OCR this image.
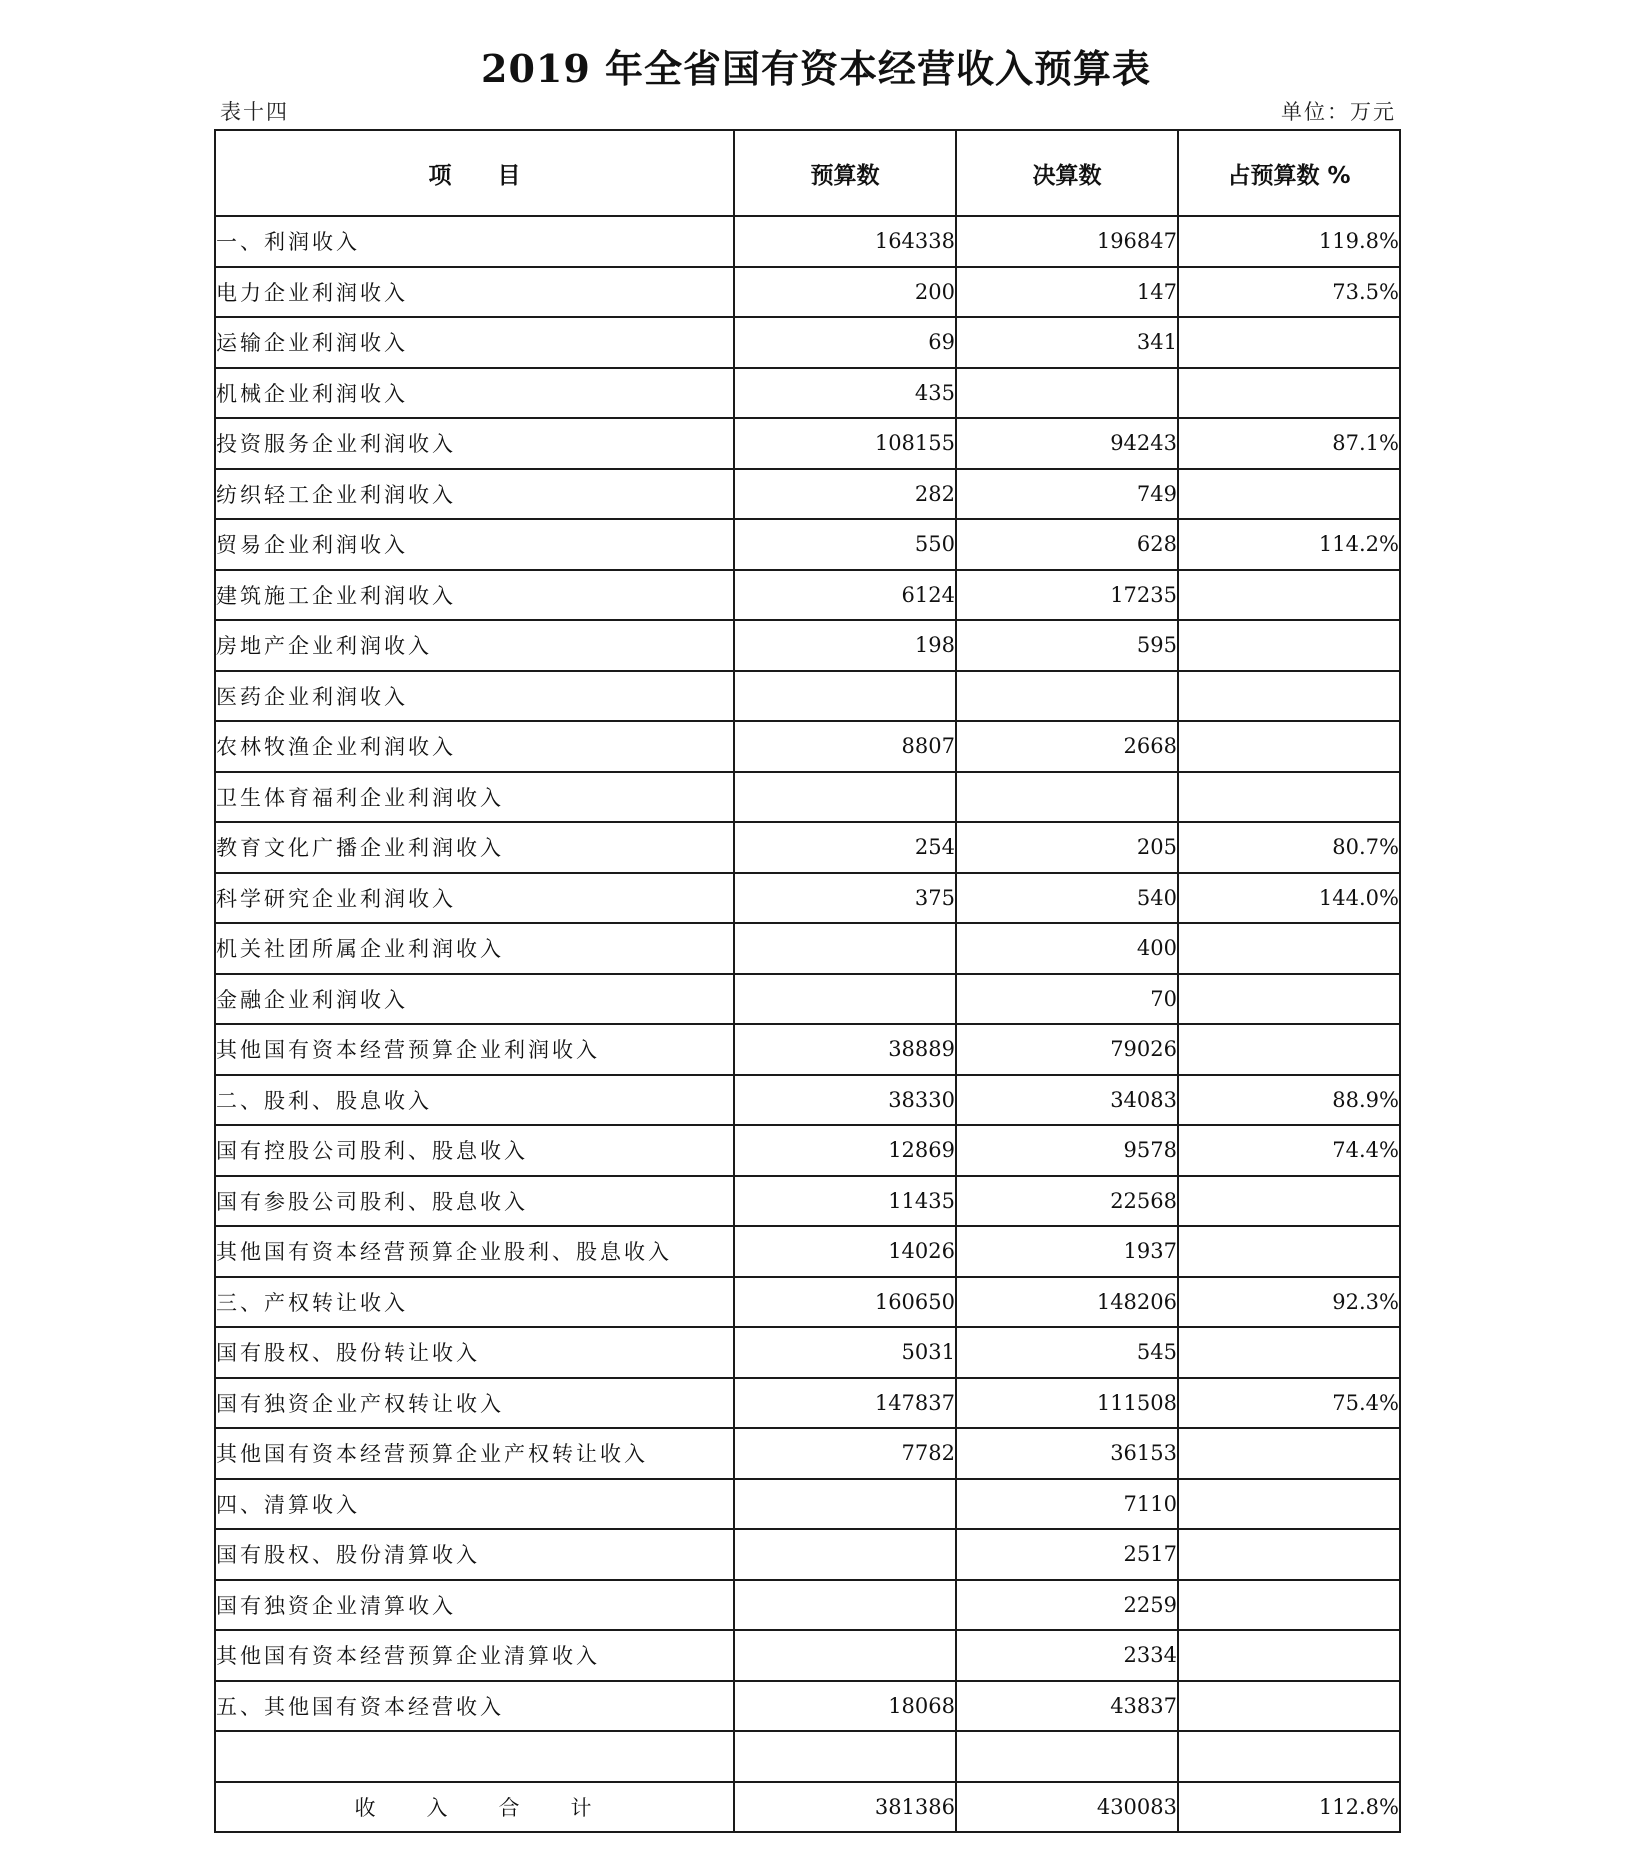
2019 年全省国有资本经营收入预算表
表十四	单位：万元
项　　目	预算数	决算数	占预算数 %
一、利润收入	164338	196847	119.8%
电力企业利润收入	200	147	73.5%
运输企业利润收入	69	341	
机械企业利润收入	435		
投资服务企业利润收入	108155	94243	87.1%
纺织轻工企业利润收入	282	749	
贸易企业利润收入	550	628	114.2%
建筑施工企业利润收入	6124	17235	
房地产企业利润收入	198	595	
医药企业利润收入			
农林牧渔企业利润收入	8807	2668	
卫生体育福利企业利润收入			
教育文化广播企业利润收入	254	205	80.7%
科学研究企业利润收入	375	540	144.0%
机关社团所属企业利润收入		400	
金融企业利润收入		70	
其他国有资本经营预算企业利润收入	38889	79026	
二、股利、股息收入	38330	34083	88.9%
国有控股公司股利、股息收入	12869	9578	74.4%
国有参股公司股利、股息收入	11435	22568	
其他国有资本经营预算企业股利、股息收入	14026	1937	
三、产权转让收入	160650	148206	92.3%
国有股权、股份转让收入	5031	545	
国有独资企业产权转让收入	147837	111508	75.4%
其他国有资本经营预算企业产权转让收入	7782	36153	
四、清算收入		7110	
国有股权、股份清算收入		2517	
国有独资企业清算收入		2259	
其他国有资本经营预算企业清算收入		2334	
五、其他国有资本经营收入	18068	43837	

收　　入　　合　　计	381386	430083	112.8%
